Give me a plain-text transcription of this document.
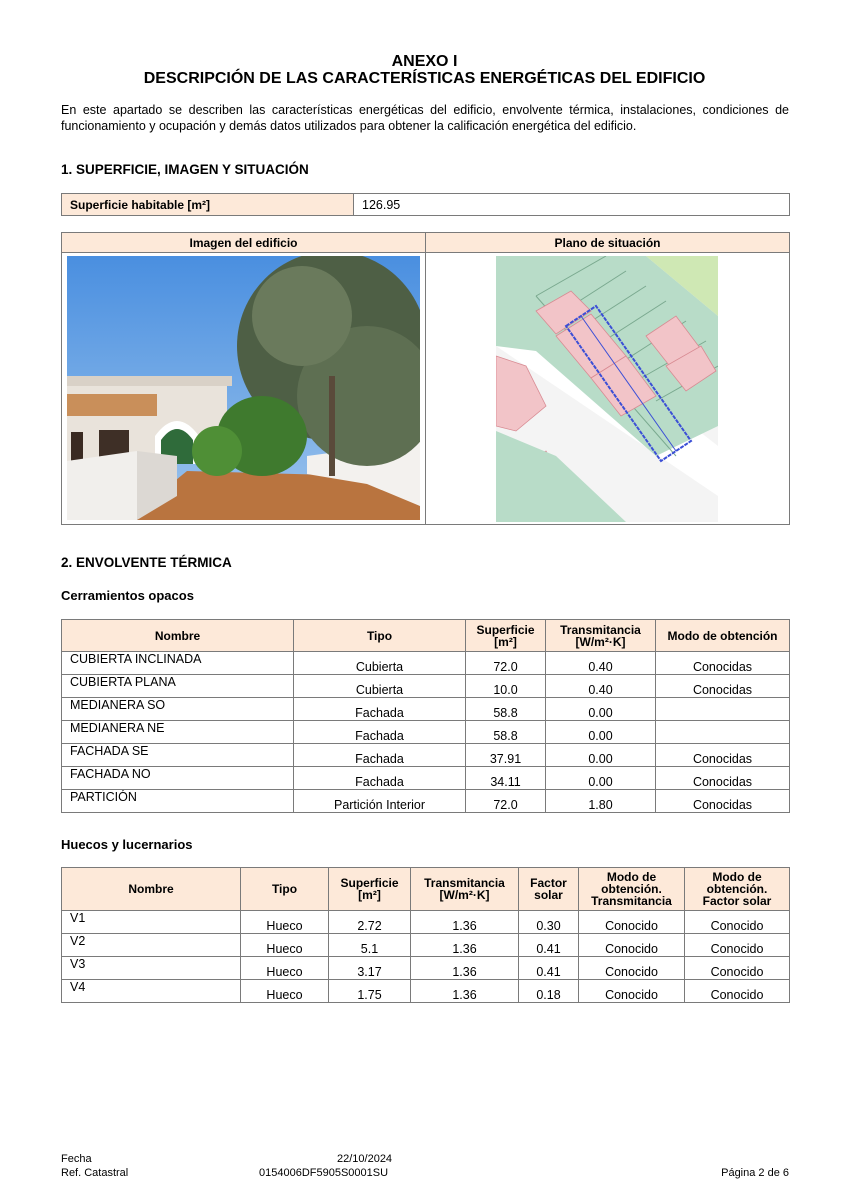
ANEXO I
DESCRIPCIÓN DE LAS CARACTERÍSTICAS ENERGÉTICAS DEL EDIFICIO
En este apartado se describen las características energéticas del edificio, envolvente térmica, instalaciones, condiciones de funcionamiento y ocupación y demás datos utilizados para obtener la calificación energética del edificio.
1. SUPERFICIE, IMAGEN Y SITUACIÓN
Superficie habitable [m²]	126.95
Imagen del edificio	Plano de situación

2. ENVOLVENTE TÉRMICA
Cerramientos opacos
Nombre	Tipo	Superficie [m²]	Transmitancia [W/m²·K]	Modo de obtención
CUBIERTA INCLINADA	Cubierta	72.0	0.40	Conocidas
CUBIERTA PLANA	Cubierta	10.0	0.40	Conocidas
MEDIANERA SO	Fachada	58.8	0.00	
MEDIANERA NE	Fachada	58.8	0.00	
FACHADA SE	Fachada	37.91	0.00	Conocidas
FACHADA NO	Fachada	34.11	0.00	Conocidas
PARTICIÓN	Partición Interior	72.0	1.80	Conocidas
Huecos y lucernarios
Nombre	Tipo	Superficie [m²]	Transmitancia [W/m²·K]	Factor solar	Modo de obtención. Transmitancia	Modo de obtención. Factor solar
V1	Hueco	2.72	1.36	0.30	Conocido	Conocido
V2	Hueco	5.1	1.36	0.41	Conocido	Conocido
V3	Hueco	3.17	1.36	0.41	Conocido	Conocido
V4	Hueco	1.75	1.36	0.18	Conocido	Conocido
Fecha	22/10/2024
Ref. Catastral	0154006DF5905S0001SU	Página 2 de 6
